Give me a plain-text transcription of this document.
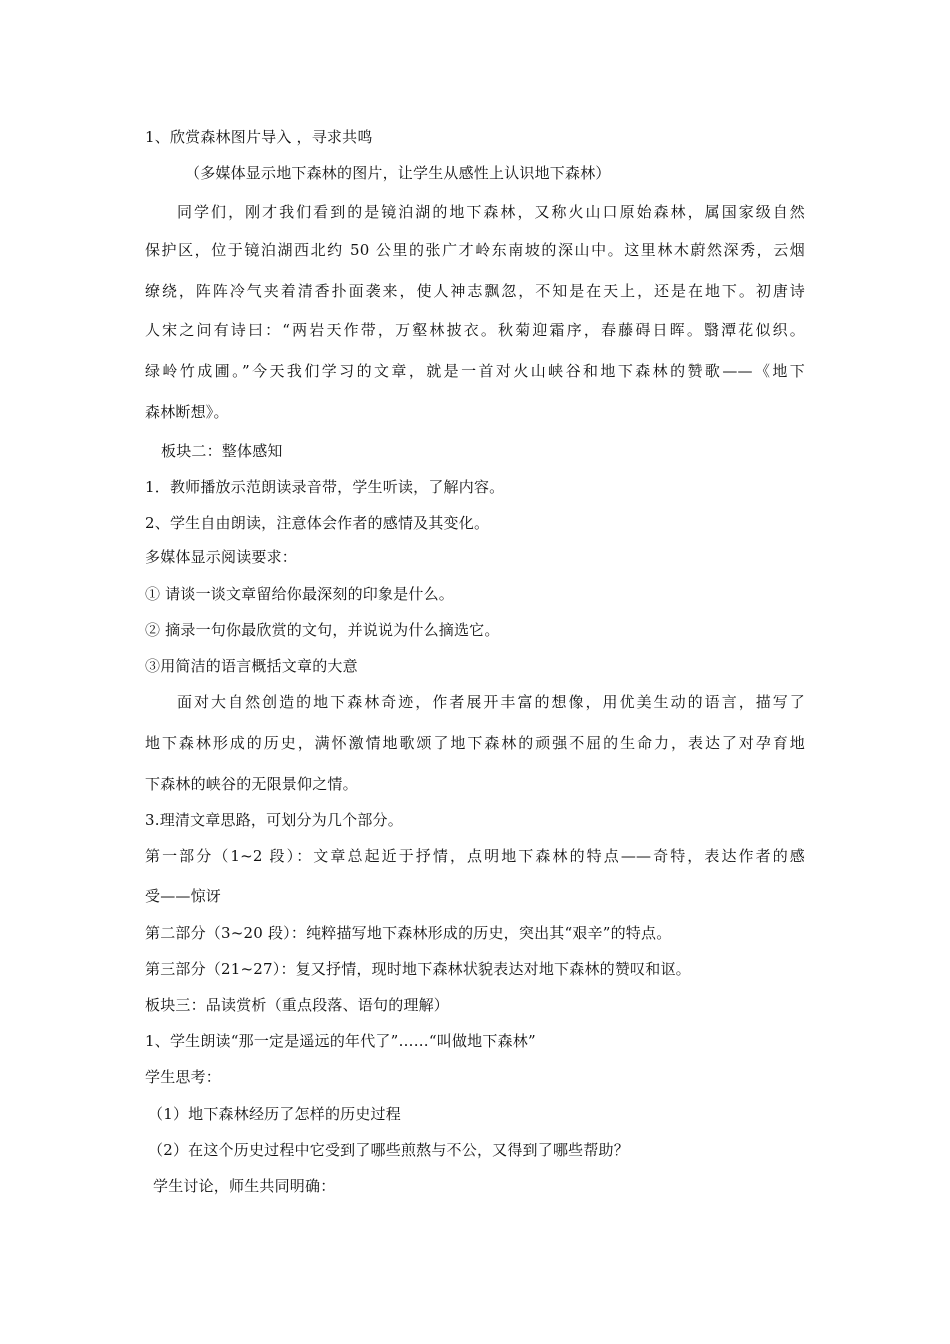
1、欣赏森林图片导入 ，寻求共鸣
（多媒体显示地下森林的图片，让学生从感性上认识地下森林）
同学们，刚才我们看到的是镜泊湖的地下森林，又称火山口原始森林，属国家级自然
保护区，位于镜泊湖西北约 50 公里的张广才岭东南坡的深山中。这里林木蔚然深秀，云烟
缭绕，阵阵冷气夹着清香扑面袭来，使人神志飘忽，不知是在天上，还是在地下。初唐诗
人宋之问有诗曰：“两岩天作带，万壑林披衣。秋菊迎霜序，春藤碍日晖。翳潭花似织。
绿岭竹成圃。”今天我们学习的文章，就是一首对火山峡谷和地下森林的赞歌——《地下
森林断想》。
板块二：整体感知
1．教师播放示范朗读录音带，学生听读，了解内容。
2、学生自由朗读，注意体会作者的感情及其变化。
多媒体显示阅读要求：
① 请谈一谈文章留给你最深刻的印象是什么。
② 摘录一句你最欣赏的文句，并说说为什么摘选它。
③用简洁的语言概括文章的大意
面对大自然创造的地下森林奇迹，作者展开丰富的想像，用优美生动的语言，描写了
地下森林形成的历史，满怀激情地歌颂了地下森林的顽强不屈的生命力，表达了对孕育地
下森林的峡谷的无限景仰之情。
3.理清文章思路，可划分为几个部分。
第一部分（1~2 段）：文章总起近于抒情，点明地下森林的特点——奇特，表达作者的感
受——惊讶
第二部分（3~20 段）：纯粹描写地下森林形成的历史，突出其“艰辛”的特点。
第三部分（21~27）：复又抒情，现时地下森林状貌表达对地下森林的赞叹和讴。
板块三：品读赏析（重点段落、语句的理解）
1、学生朗读“那一定是遥远的年代了”……“叫做地下森林”
学生思考：
（1）地下森林经历了怎样的历史过程
（2）在这个历史过程中它受到了哪些煎熬与不公，又得到了哪些帮助？
学生讨论，师生共同明确：
